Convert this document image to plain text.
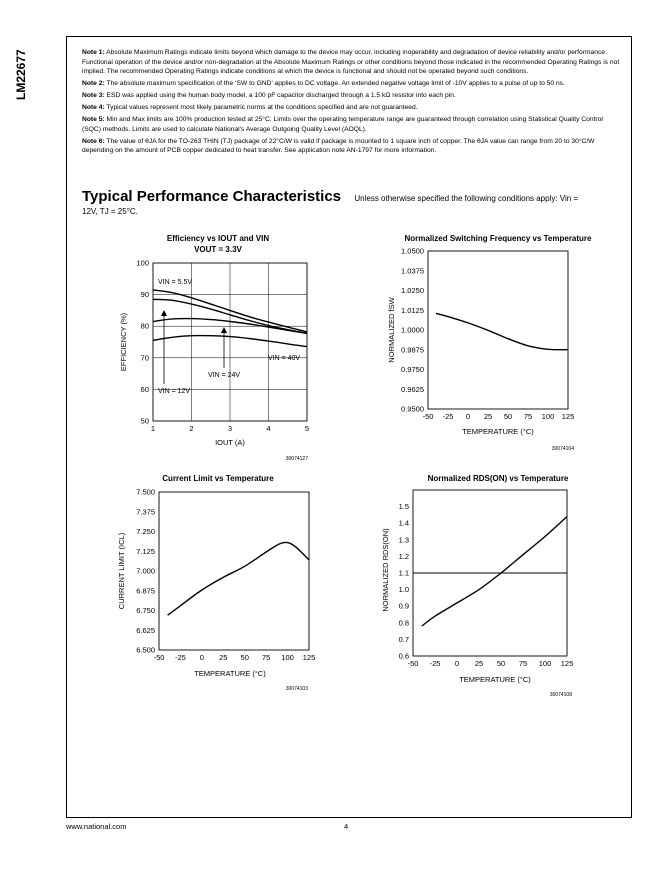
LM22677	Note 1: Absolute Maximum Ratings indicate limits beyond which damage to the device may occur, including inoperability and degradation of device reliability and/or performance. Functional operation of the device and/or non-degradation at the Absolute Maximum Ratings or other conditions beyond those indicated in the recommended Operating Ratings is not implied. The recommended Operating Ratings indicate conditions at which the device is functional and should not be operated beyond such conditions.

Note 2: The absolute maximum specification of the ‘SW to GND’ applies to DC voltage. An extended negative voltage limit of -10V applies to a pulse of up to 50 ns.

Note 3: ESD was applied using the human body model, a 100 pF capacitor discharged through a 1.5 kΩ resistor into each pin.

Note 4: Typical values represent most likely parametric norms at the conditions specified and are not guaranteed.

Note 5: Min and Max limits are 100% production tested at 25°C. Limits over the operating temperature range are guaranteed through correlation using Statistical Quality Control (SQC) methods. Limits are used to calculate National's Average Outgoing Quality Level (AOQL).

Note 6: The value of θJA for the TO-263 THIN (TJ) package of 22°C/W is valid if package is mounted to 1 square inch of copper. The θJA value can range from 20 to 30°C/W depending on the amount of PCB copper dedicated to heat transfer. See application note AN-1797 for more information.

Typical Performance Characteristics Unless otherwise specified the following conditions apply: Vin =
12V, TJ = 25°C.
Efficiency vs IOUT and VIN
VOUT = 3.3V
1	2	3	4	5
50
60
70
80
90
100
IOUT (A)
EFFICIENCY (%)
30074127
VIN = 5.5V
VIN = 12V
VIN = 24V
VIN = 40V
Normalized Switching Frequency vs Temperature
-50 -25 0 25 50 75 100 125
0.9500
0.9625
0.9750
0.9875
1.0000
1.0125
1.0250
1.0375
1.0500
TEMPERATURE (°C)
NORMALIZED fSW
30074104
Current Limit vs Temperature
-50 -25 0 25 50 75 100 125
6.500
6.625
6.750
6.875
7.000
7.125
7.250
7.375
7.500
TEMPERATURE (°C)
CURRENT LIMIT (ICL)
30074103
Normalized RDS(ON) vs Temperature
-50 -25 0 25 50 75 100 125
0.6
0.7
0.8
0.9
1.0
1.1
1.2
1.3
1.4
1.5
TEMPERATURE (°C)
NORMALIZED RDS(ON)
30074108
www.national.com	4
